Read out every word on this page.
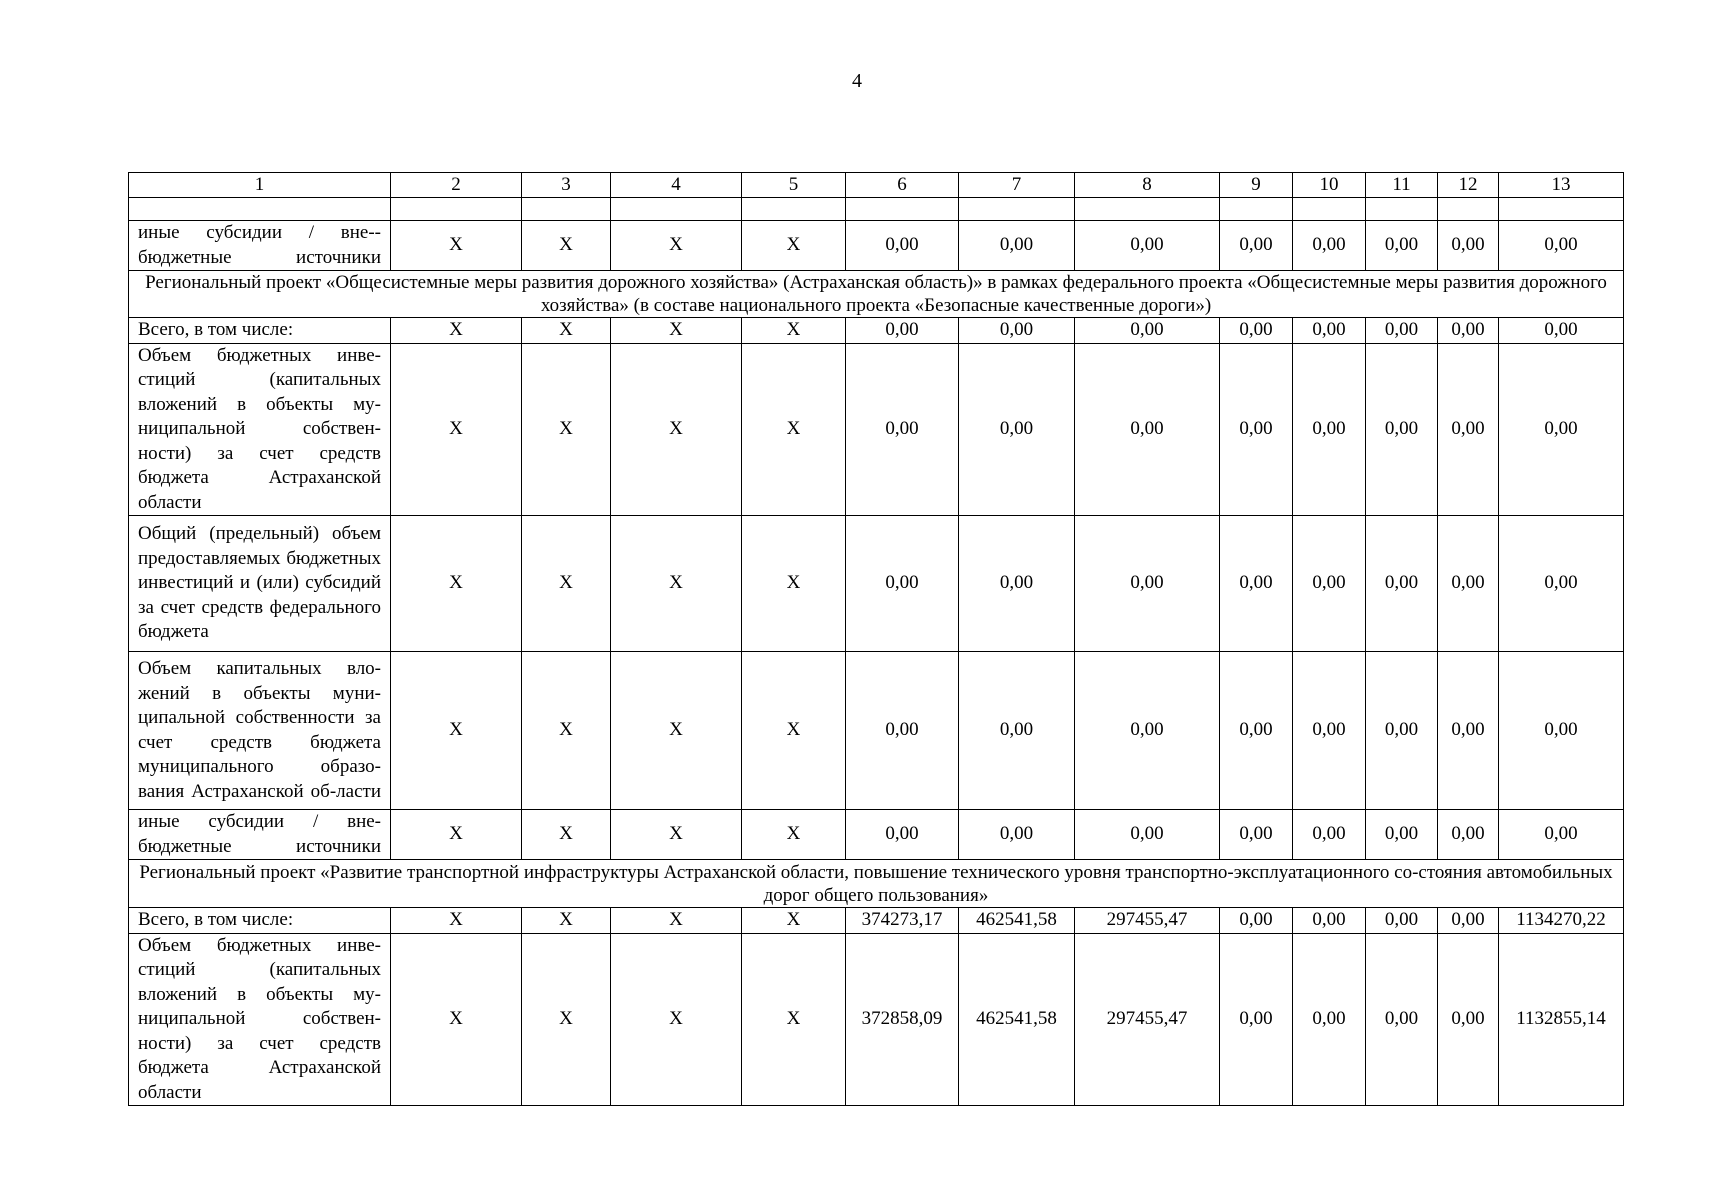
4
1	2	3	4	5	6	7	8	9	10	11	12	13

иные субсидии / вне-бюджетные источники	X	X	X	X	0,00	0,00	0,00	0,00	0,00	0,00	0,00	0,00
Региональный проект «Общесистемные меры развития дорожного хозяйства» (Астраханская область)» в рамках федерального проекта «Общесистемные меры развития дорожного хозяйства» (в составе национального проекта «Безопасные качественные дороги»)												
Всего, в том числе:	X	X	X	X	0,00	0,00	0,00	0,00	0,00	0,00	0,00	0,00
Объем бюджетных инве-стиций (капитальных вложений в объекты му-ниципальной собствен-ности) за счет средств бюджета Астраханской области	X	X	X	X	0,00	0,00	0,00	0,00	0,00	0,00	0,00	0,00
Общий (предельный) объем предоставляемых бюджетных инвестиций и (или) субсидий за счет средств федерального бюджета	X	X	X	X	0,00	0,00	0,00	0,00	0,00	0,00	0,00	0,00
Объем капитальных вло-жений в объекты муни-ципальной собственности за счет средств бюджета муниципального образо-вания Астраханской об-ласти	X	X	X	X	0,00	0,00	0,00	0,00	0,00	0,00	0,00	0,00
иные субсидии / вне-бюджетные источники	X	X	X	X	0,00	0,00	0,00	0,00	0,00	0,00	0,00	0,00
Региональный проект «Развитие транспортной инфраструктуры Астраханской области, повышение технического уровня транспортно-эксплуатационного со-стояния автомобильных дорог общего пользования»												
Всего, в том числе:	X	X	X	X	374273,17	462541,58	297455,47	0,00	0,00	0,00	0,00	1134270,22
Объем бюджетных инве-стиций (капитальных вложений в объекты му-ниципальной собствен-ности) за счет средств бюджета Астраханской области	X	X	X	X	372858,09	462541,58	297455,47	0,00	0,00	0,00	0,00	1132855,14
